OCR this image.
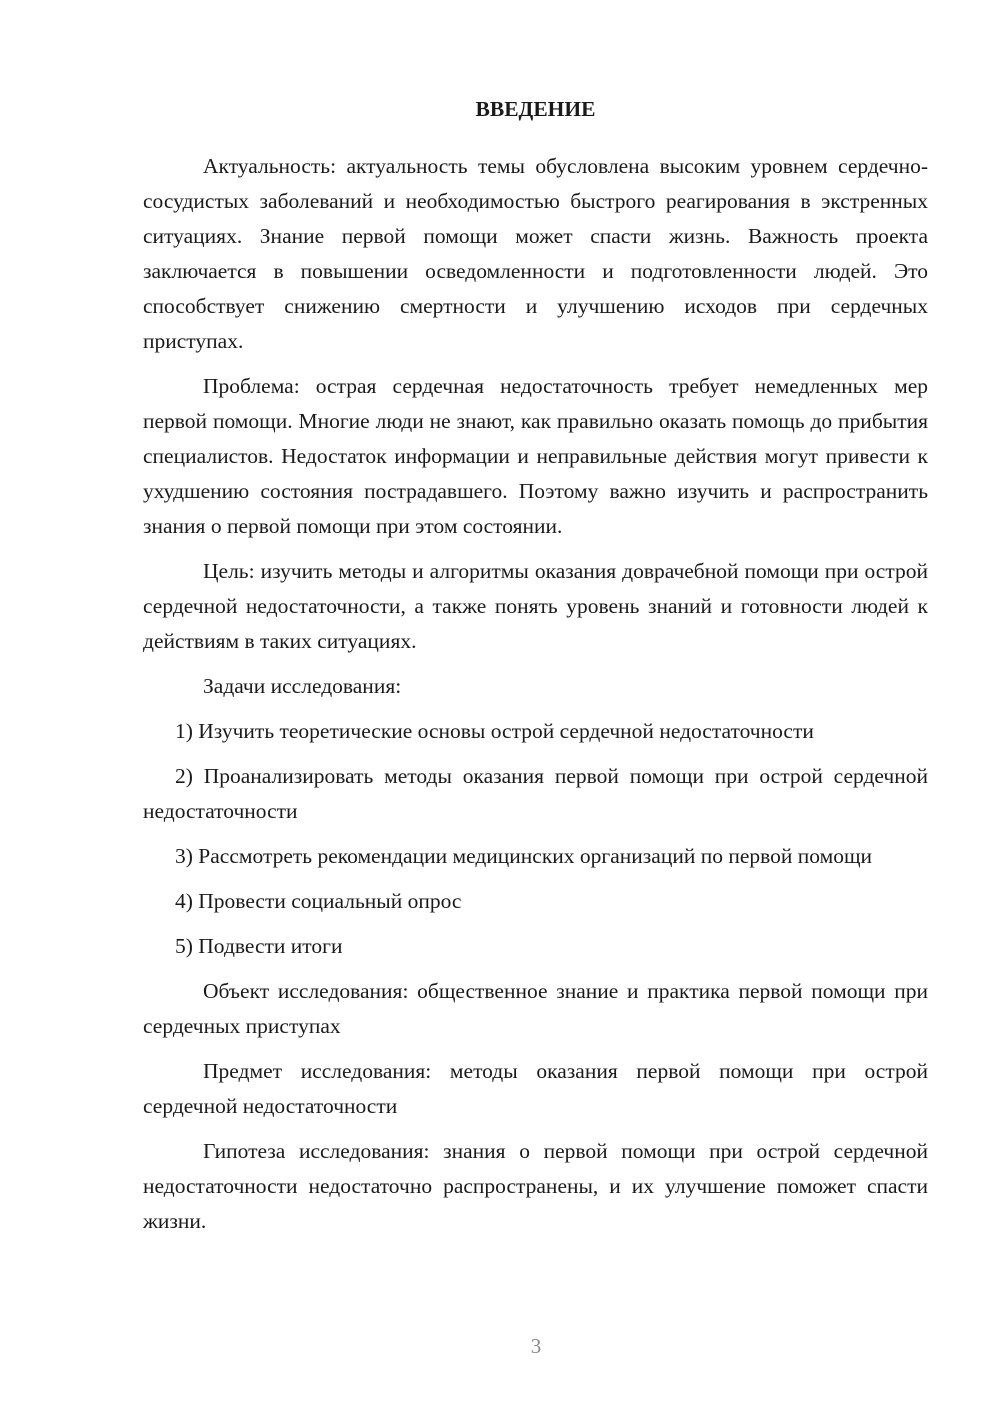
ВВЕДЕНИЕ

Актуальность: актуальность темы обусловлена высоким уровнем сердечно-сосудистых заболеваний и необходимостью быстрого реагирования в экстренных ситуациях. Знание первой помощи может спасти жизнь. Важность проекта заключается в повышении осведомленности и подготовленности людей. Это способствует снижению смертности и улучшению исходов при сердечных приступах.

Проблема: острая сердечная недостаточность требует немедленных мер первой помощи. Многие люди не знают, как правильно оказать помощь до прибытия специалистов. Недостаток информации и неправильные действия могут привести к ухудшению состояния пострадавшего. Поэтому важно изучить и распространить знания о первой помощи при этом состоянии.

Цель: изучить методы и алгоритмы оказания доврачебной помощи при острой сердечной недостаточности, а также понять уровень знаний и готовности людей к действиям в таких ситуациях.

Задачи исследования:

1) Изучить теоретические основы острой сердечной недостаточности

2) Проанализировать методы оказания первой помощи при острой сердечной недостаточности

3) Рассмотреть рекомендации медицинских организаций по первой помощи

4) Провести социальный опрос

5) Подвести итоги

Объект исследования: общественное знание и практика первой помощи при сердечных приступах

Предмет исследования: методы оказания первой помощи при острой сердечной недостаточности

Гипотеза исследования: знания о первой помощи при острой сердечной недостаточности недостаточно распространены, и их улучшение поможет спасти жизни.

3
